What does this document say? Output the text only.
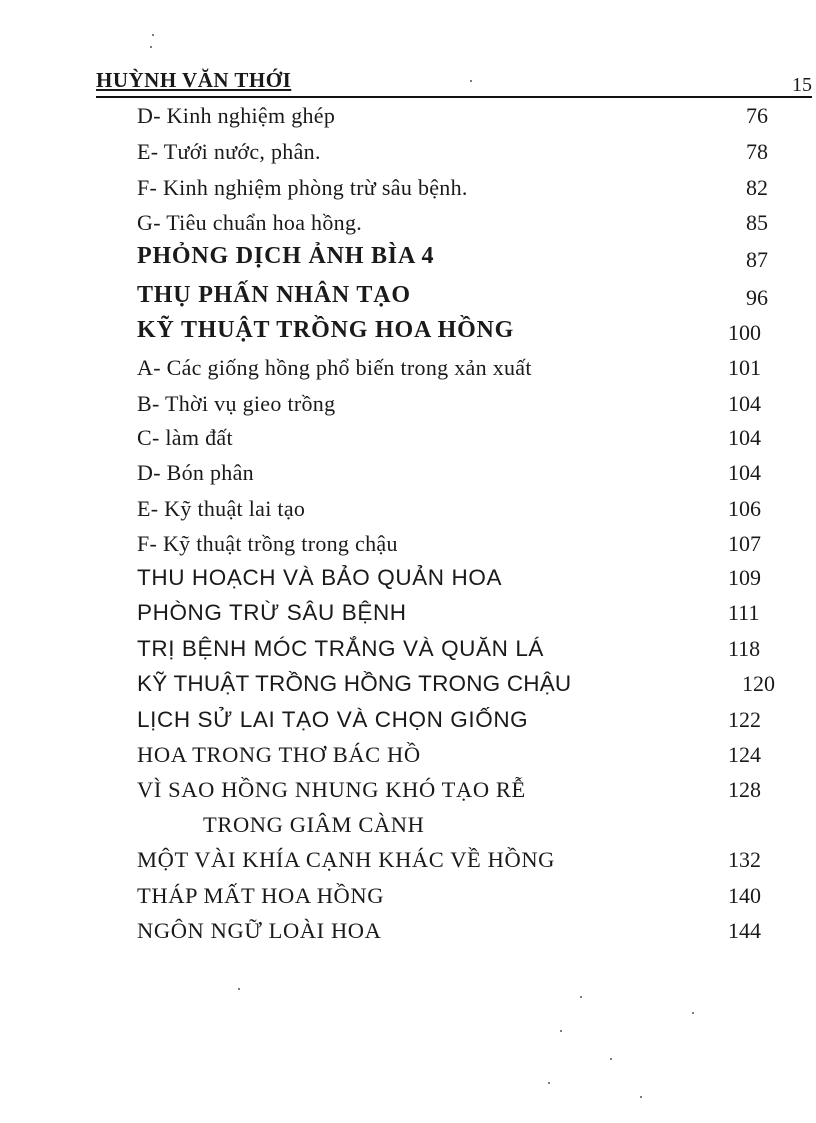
HUỲNH VĂN THỚI	15
D- Kinh nghiệm ghép	76
E- Tưới nước, phân.	78
F- Kinh nghiệm phòng trừ sâu bệnh.	82
G- Tiêu chuẩn hoa hồng.	85
PHỎNG DỊCH ẢNH BÌA 4	87
THỤ PHẤN NHÂN TẠO	96
KỸ THUẬT TRỒNG HOA HỒNG	100
A- Các giống hồng phổ biến trong xản xuất	101
B- Thời vụ gieo trồng	104
C- làm đất	104
D- Bón phân	104
E- Kỹ thuật lai tạo	106
F- Kỹ thuật trồng trong chậu	107
THU HOẠCH VÀ BẢO QUẢN HOA	109
PHÒNG TRỪ SÂU BỆNH	111
TRỊ BỆNH MÓC TRẮNG VÀ QUĂN LÁ	118
KỸ THUẬT TRỒNG HỒNG TRONG CHẬU	120
LỊCH SỬ LAI TẠO VÀ CHỌN GIỐNG	122
HOA TRONG THƠ BÁC HỒ	124
VÌ SAO HỒNG NHUNG KHÓ TẠO RỄ	128
TRONG GIÂM CÀNH
MỘT VÀI KHÍA CẠNH KHÁC VỀ HỒNG	132
THÁP MẤT HOA HỒNG	140
NGÔN NGỮ LOÀI HOA	144
